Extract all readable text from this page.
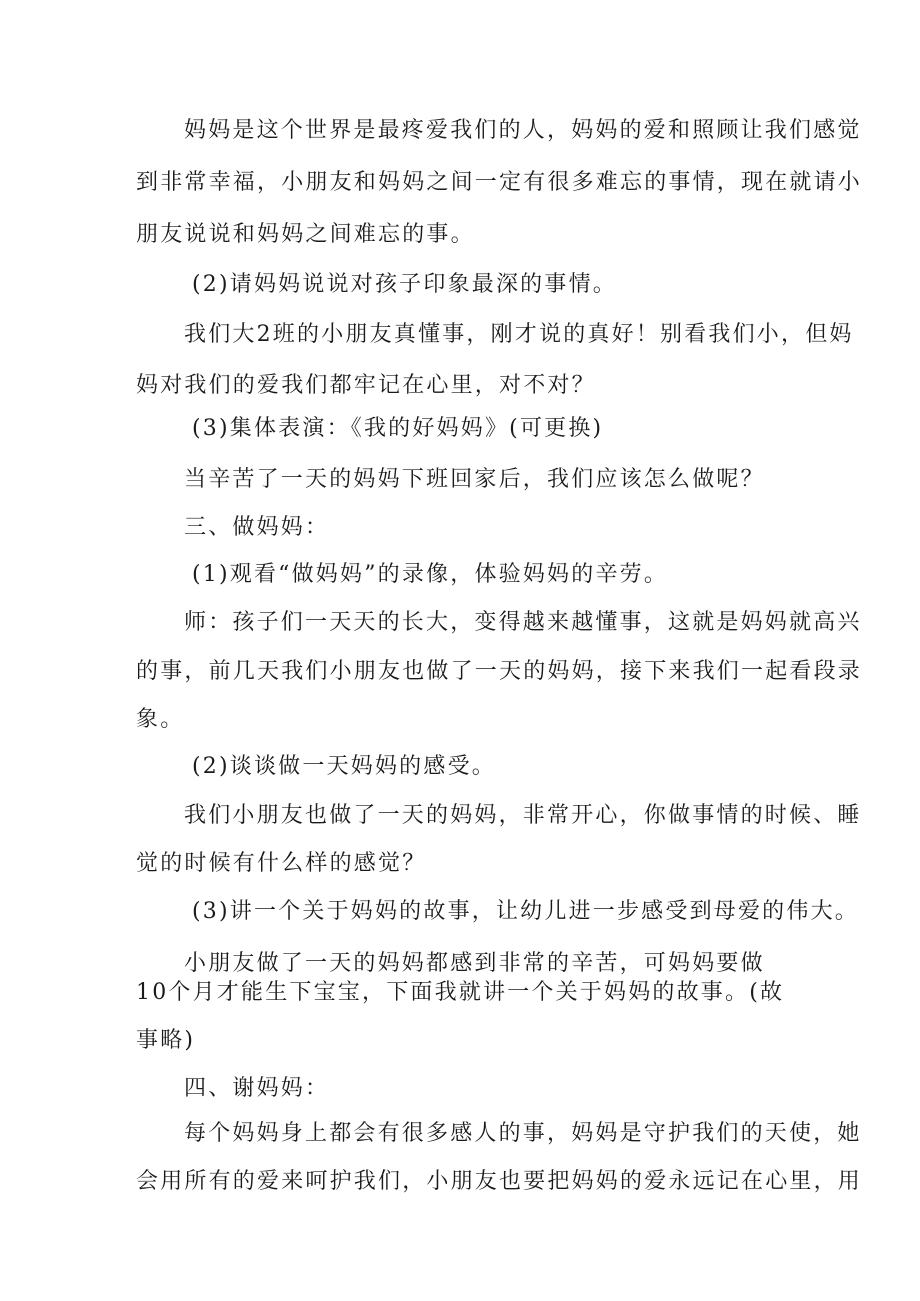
妈妈是这个世界是最疼爱我们的人，妈妈的爱和照顾让我们感觉
到非常幸福，小朋友和妈妈之间一定有很多难忘的事情，现在就请小
朋友说说和妈妈之间难忘的事。
(2)请妈妈说说对孩子印象最深的事情。
我们大2班的小朋友真懂事，刚才说的真好！别看我们小，但妈
妈对我们的爱我们都牢记在心里，对不对？
(3)集体表演：《我的好妈妈》(可更换)
当辛苦了一天的妈妈下班回家后，我们应该怎么做呢？
三、做妈妈：
(1)观看“做妈妈”的录像，体验妈妈的辛劳。
师：孩子们一天天的长大，变得越来越懂事，这就是妈妈就高兴
的事，前几天我们小朋友也做了一天的妈妈，接下来我们一起看段录
象。
(2)谈谈做一天妈妈的感受。
我们小朋友也做了一天的妈妈，非常开心，你做事情的时候、睡
觉的时候有什么样的感觉？
(3)讲一个关于妈妈的故事，让幼儿进一步感受到母爱的伟大。
小朋友做了一天的妈妈都感到非常的辛苦，可妈妈要做
10个月才能生下宝宝，下面我就讲一个关于妈妈的故事。(故
事略)
四、谢妈妈：
每个妈妈身上都会有很多感人的事，妈妈是守护我们的天使，她
会用所有的爱来呵护我们，小朋友也要把妈妈的爱永远记在心里，用
